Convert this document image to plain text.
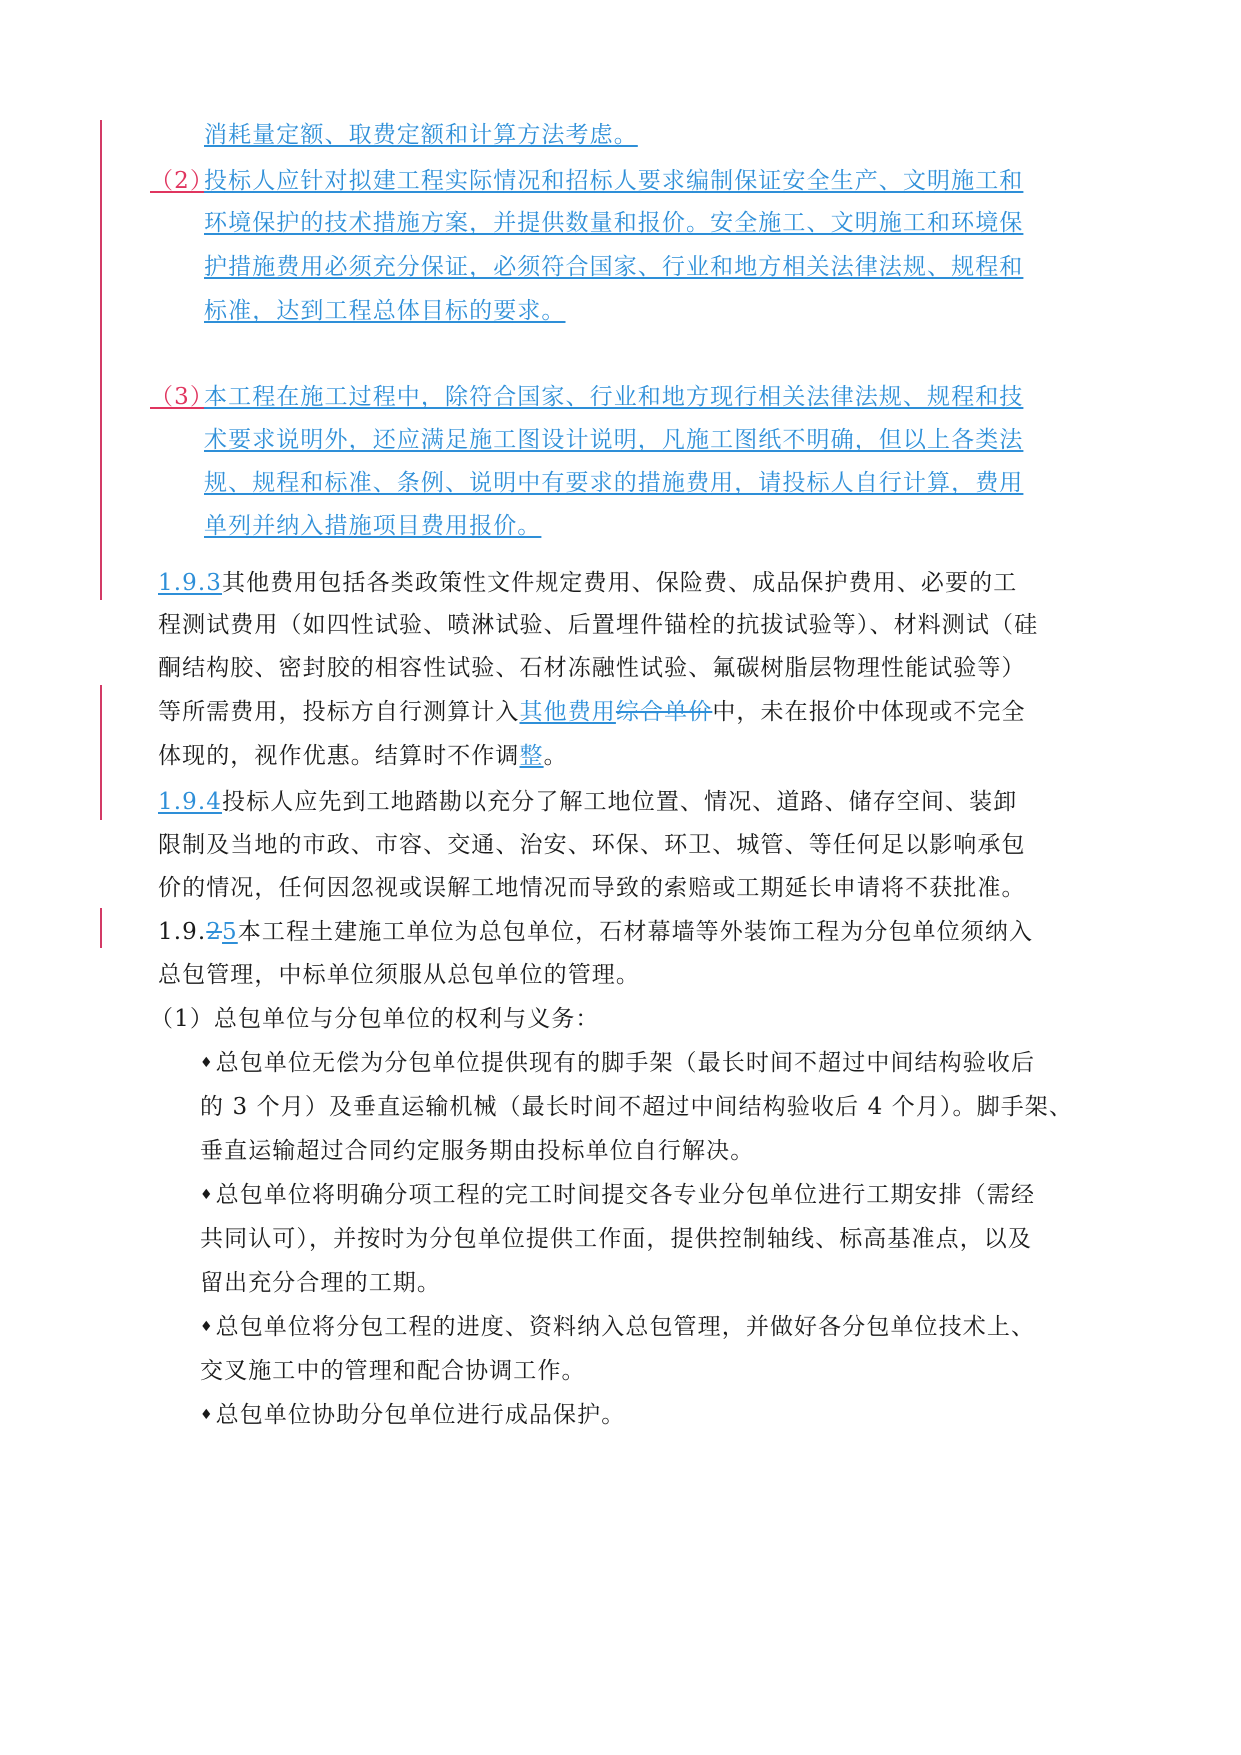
消耗量定额、取费定额和计算方法考虑。
（2）
投标人应针对拟建工程实际情况和招标人要求编制保证安全生产、文明施工和
环境保护的技术措施方案，并提供数量和报价。安全施工、文明施工和环境保
护措施费用必须充分保证，必须符合国家、行业和地方相关法律法规、规程和
标准，达到工程总体目标的要求。
（3）
本工程在施工过程中，除符合国家、行业和地方现行相关法律法规、规程和技
术要求说明外，还应满足施工图设计说明，凡施工图纸不明确，但以上各类法
规、规程和标准、条例、说明中有要求的措施费用，请投标人自行计算，费用
单列并纳入措施项目费用报价。
1.9.3其他费用包括各类政策性文件规定费用、保险费、成品保护费用、必要的工
程测试费用（如四性试验、喷淋试验、后置埋件锚栓的抗拔试验等）、材料测试（硅
酮结构胶、密封胶的相容性试验、石材冻融性试验、氟碳树脂层物理性能试验等）
等所需费用，投标方自行测算计入其他费用综合单价中，未在报价中体现或不完全
体现的，视作优惠。结算时不作调整。
1.9.4投标人应先到工地踏勘以充分了解工地位置、情况、道路、储存空间、装卸
限制及当地的市政、市容、交通、治安、环保、环卫、城管、等任何足以影响承包
价的情况，任何因忽视或误解工地情况而导致的索赔或工期延长申请将不获批准。
1.9.25本工程土建施工单位为总包单位，石材幕墙等外装饰工程为分包单位须纳入
总包管理，中标单位须服从总包单位的管理。
（1）总包单位与分包单位的权利与义务：
♦总包单位无偿为分包单位提供现有的脚手架（最长时间不超过中间结构验收后
的 3 个月）及垂直运输机械（最长时间不超过中间结构验收后 4 个月）。脚手架、
垂直运输超过合同约定服务期由投标单位自行解决。
♦总包单位将明确分项工程的完工时间提交各专业分包单位进行工期安排（需经
共同认可），并按时为分包单位提供工作面，提供控制轴线、标高基准点，以及
留出充分合理的工期。
♦总包单位将分包工程的进度、资料纳入总包管理，并做好各分包单位技术上、
交叉施工中的管理和配合协调工作。
♦总包单位协助分包单位进行成品保护。
